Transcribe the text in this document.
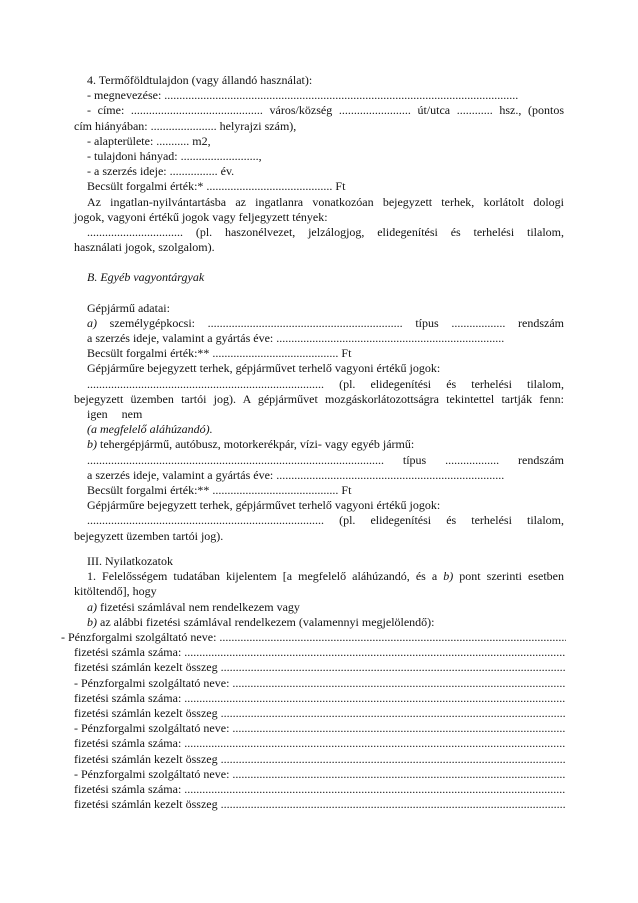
4. Termőföldtulajdon (vagy állandó használat):

- megnevezése: ......................................................................................................................

- címe: ............................................ város/község ........................ út/utca ............ hsz., (pontos

cím hiányában: ...................... helyrajzi szám),

- alapterülete: ........... m2,

- tulajdoni hányad: ..........................,

- a szerzés ideje: ................ év.

Becsült forgalmi érték:* .......................................... Ft

Az ingatlan-nyilvántartásba az ingatlanra vonatkozóan bejegyzett terhek, korlátolt dologi

jogok, vagyoni értékű jogok vagy feljegyzett tények:

................................ (pl. haszonélvezet, jelzálogjog, elidegenítési és terhelési tilalom,

használati jogok, szolgalom).

B. Egyéb vagyontárgyak

Gépjármű adatai:

a) személygépkocsi: ................................................................. típus .................. rendszám

a szerzés ideje, valamint a gyártás éve: ............................................................................

Becsült forgalmi érték:** .......................................... Ft

Gépjárműre bejegyzett terhek, gépjárművet terhelő vagyoni értékű jogok:

............................................................................... (pl. elidegenítési és terhelési tilalom,

bejegyzett üzemben tartói jog). A gépjárművet mozgáskorlátozottságra tekintettel tartják fenn:

igen nem

(a megfelelő aláhúzandó).

b) tehergépjármű, autóbusz, motorkerékpár, vízi- vagy egyéb jármű:

................................................................................................... típus .................. rendszám

a szerzés ideje, valamint a gyártás éve: ............................................................................

Becsült forgalmi érték:** .......................................... Ft

Gépjárműre bejegyzett terhek, gépjárművet terhelő vagyoni értékű jogok:

............................................................................... (pl. elidegenítési és terhelési tilalom,

bejegyzett üzemben tartói jog).

III. Nyilatkozatok

1. Felelősségem tudatában kijelentem [a megfelelő aláhúzandó, és a b) pont szerinti esetben

kitöltendő], hogy

a) fizetési számlával nem rendelkezem vagy

b) az alábbi fizetési számlával rendelkezem (valamennyi megjelölendő):

- Pénzforgalmi szolgáltató neve:

.....
fizetési számla száma:

.....
fizetési számlán kezelt összeg

.....
- Pénzforgalmi szolgáltató neve:

.....
fizetési számla száma:

.....
fizetési számlán kezelt összeg

.....
- Pénzforgalmi szolgáltató neve:

.....
fizetési számla száma:

.....
fizetési számlán kezelt összeg

.....
- Pénzforgalmi szolgáltató neve:

.....
fizetési számla száma:

.....
fizetési számlán kezelt összeg

.....
